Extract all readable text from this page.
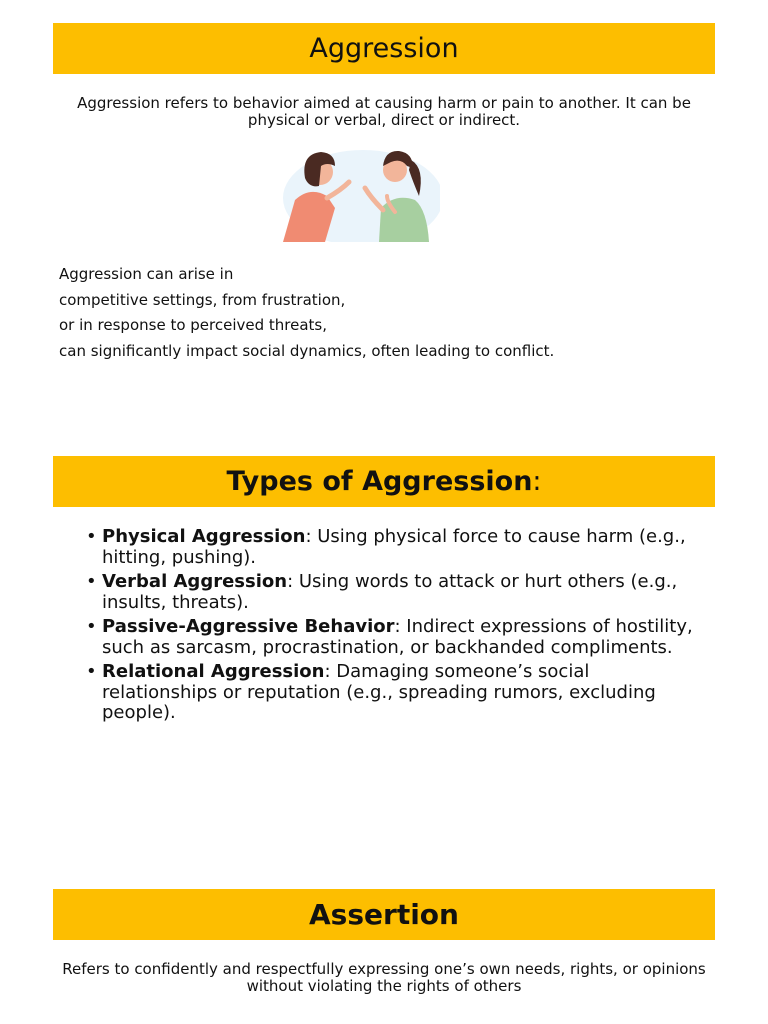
Aggression
Aggression refers to behavior aimed at causing harm or pain to another. It can be physical or verbal, direct or indirect.
Aggression can arise in
competitive settings, from frustration,
or in response to perceived threats,
can significantly impact social dynamics, often leading to conflict.
Types of Aggression:
• Physical Aggression: Using physical force to cause harm (e.g., hitting, pushing).
• Verbal Aggression: Using words to attack or hurt others (e.g., insults, threats).
• Passive-Aggressive Behavior: Indirect expressions of hostility, such as sarcasm, procrastination, or backhanded compliments.
• Relational Aggression: Damaging someone’s social relationships or reputation (e.g., spreading rumors, excluding people).
Assertion
Refers to confidently and respectfully expressing one’s own needs, rights, or opinions without violating the rights of others
